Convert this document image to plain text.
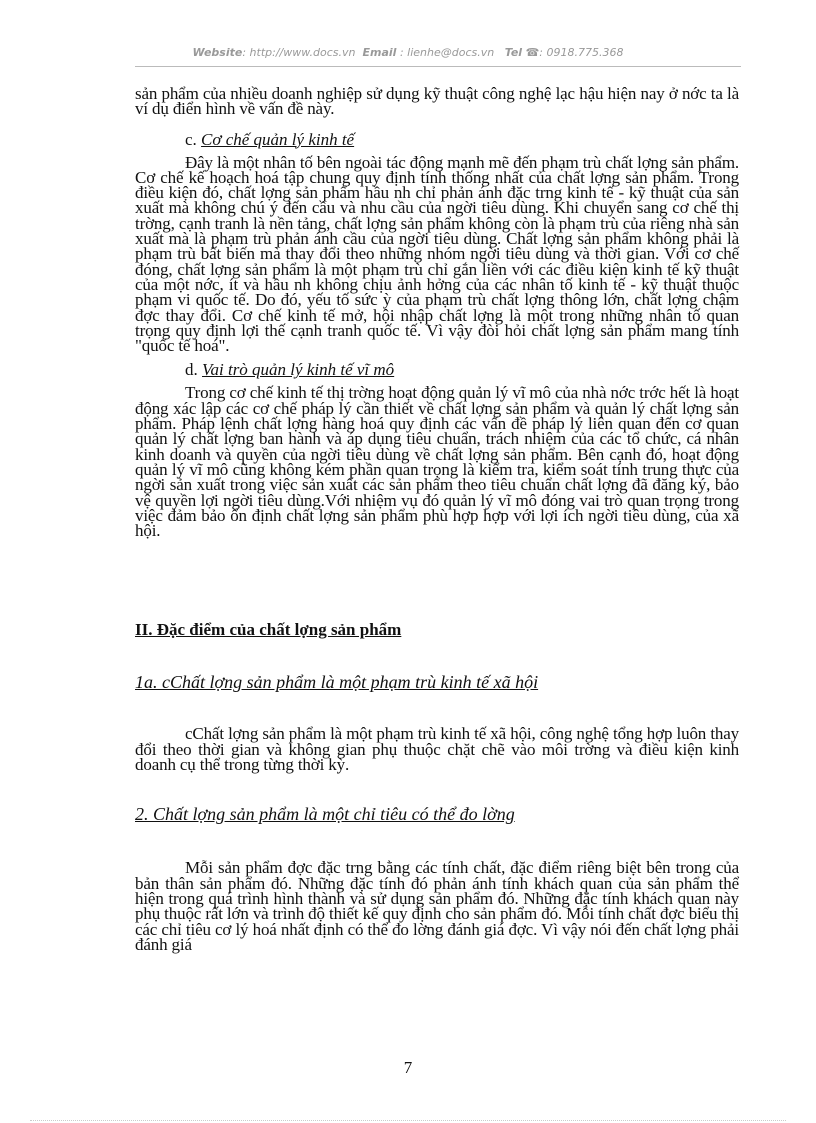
Website: http://www.docs.vn Email : lienhe@docs.vn Tel ☎: 0918.775.368

sản phẩm của nhiều doanh nghiệp sử dụng kỹ thuật công nghệ lạc hậu hiện nay ở nớc ta là ví dụ điển hình về vấn đề này.

c. Cơ chế quản lý kinh tế

Đây là một nhân tố bên ngoài tác động mạnh mẽ đến phạm trù chất lợng sản phẩm. Cơ chế kế hoạch hoá tập chung quy định tính thống nhất của chất lợng sản phẩm. Trong điều kiện đó, chất lợng sản phẩm hầu nh chỉ phản ánh đặc trng kinh tế - kỹ thuật của sản xuất mà không chú ý đến cầu và nhu cầu của ngời tiêu dùng. Khi chuyển sang cơ chế thị trờng, cạnh tranh là nền tảng, chất lợng sản phẩm không còn là phạm trù của riêng nhà sản xuất mà là phạm trù phản ánh cầu của ngời tiêu dùng. Chất lợng sản phẩm không phải là phạm trù bất biến mà thay đổi theo những nhóm ngời tiêu dùng và thời gian. Với cơ chế đóng, chất lợng sản phẩm là một phạm trù chỉ gắn liền với các điều kiện kinh tế kỹ thuật của một nớc, ít và hầu nh không chịu ảnh hởng của các nhân tố kinh tế - kỹ thuật thuộc phạm vi quốc tế. Do đó, yếu tố sức ỳ của phạm trù chất lợng thông lớn, chất lợng chậm đợc thay đổi. Cơ chế kinh tế mở, hội nhập chất lợng là một trong những nhân tố quan trọng quy định lợi thế cạnh tranh quốc tế. Vì vậy đòi hỏi chất lợng sản phẩm mang tính "quốc tế hoá".

d. Vai trò quản lý kinh tế vĩ mô

Trong cơ chế kinh tế thị trờng hoạt động quản lý vĩ mô của nhà nớc trớc hết là hoạt động xác lập các cơ chế pháp lý cần thiết về chất lợng sản phẩm và quản lý chất lợng sản phẩm. Pháp lệnh chất lợng hàng hoá quy định các vấn đề pháp lý liên quan đến cơ quan quản lý chất lợng ban hành và áp dụng tiêu chuẩn, trách nhiệm của các tổ chức, cá nhân kinh doanh và quyền của ngời tiêu dùng về chất lợng sản phẩm. Bên cạnh đó, hoạt động quản lý vĩ mô cũng không kém phần quan trọng là kiểm tra, kiểm soát tính trung thực của ngời sản xuất trong việc sản xuất các sản phẩm theo tiêu chuẩn chất lợng đã đăng ký, bảo vệ quyền lợi ngời tiêu dùng.Với nhiệm vụ đó quản lý vĩ mô đóng vai trò quan trọng trong việc đảm bảo ổn định chất lợng sản phẩm phù hợp hợp với lợi ích ngời tiêu dùng, của xã hội.

II. Đặc điểm của chất lợng sản phẩm
1a. cChất lợng sản phẩm là một phạm trù kinh tế xã hội

cChất lợng sản phẩm là một phạm trù kinh tế xã hội, công nghệ tổng hợp luôn thay đổi theo thời gian và không gian phụ thuộc chặt chẽ vào môi trờng và điều kiện kinh doanh cụ thể trong từng thời kỳ.

2. Chất lợng sản phẩm là một chỉ tiêu có thể đo lờng

Mỗi sản phẩm đợc đặc trng bằng các tính chất, đặc điểm riêng biệt bên trong của bản thân sản phẩm đó. Những đặc tính đó phản ánh tính khách quan của sản phẩm thể hiện trong quá trình hình thành và sử dụng sản phẩm đó. Những đặc tính khách quan này phụ thuộc rất lớn và trình độ thiết kế quy định cho sản phẩm đó. Mỗi tính chất đợc biểu thị các chỉ tiêu cơ lý hoá nhất định có thể đo lờng đánh giá đợc. Vì vậy nói đến chất lợng phải đánh giá

7
